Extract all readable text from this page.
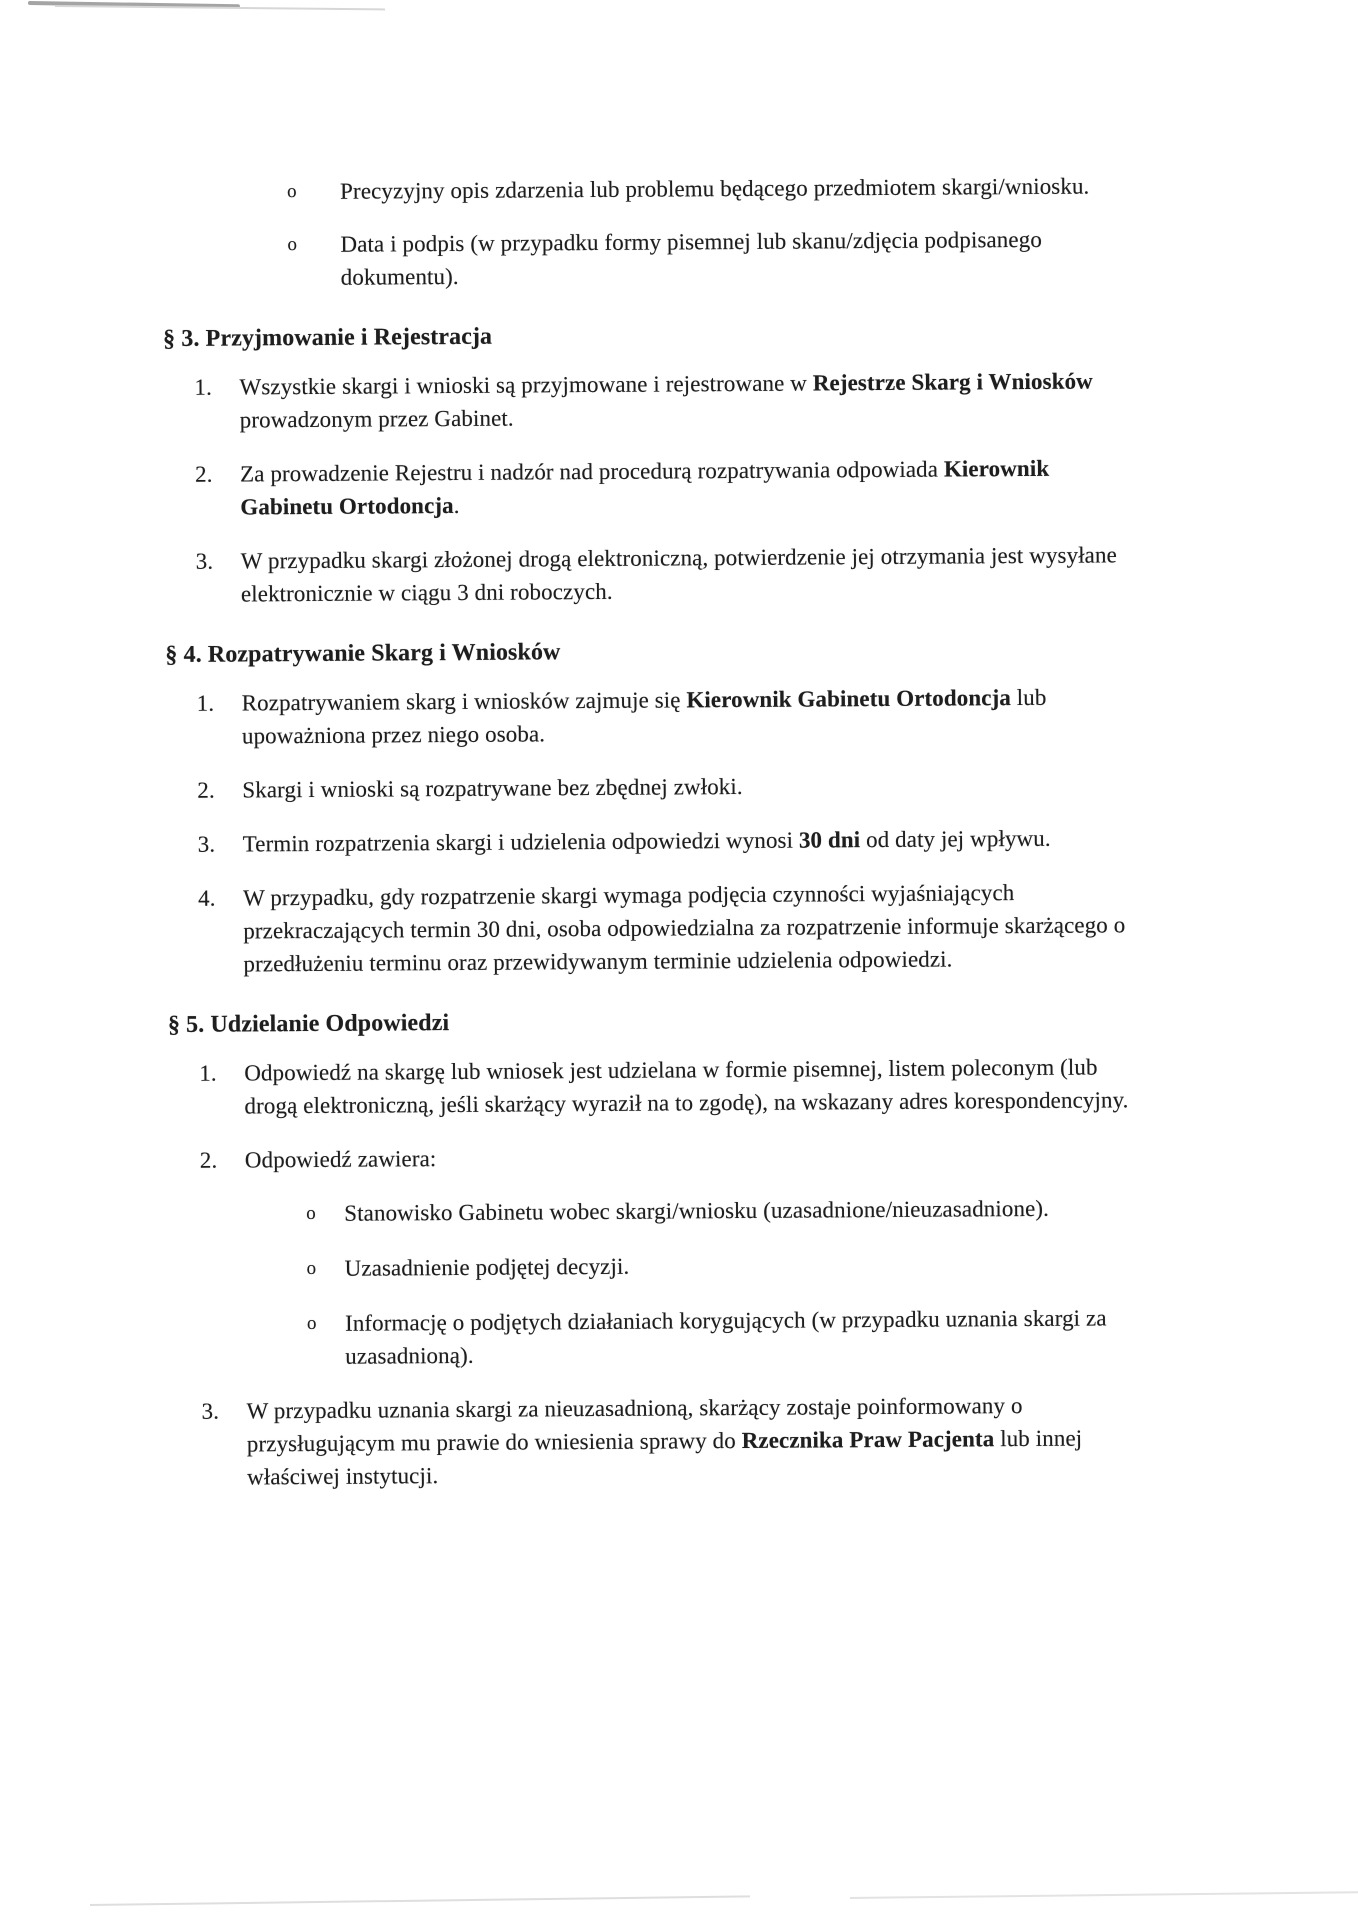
o	Precyzyjny opis zdarzenia lub problemu będącego przedmiotem skargi/wniosku.
o	Data i podpis (w przypadku formy pisemnej lub skanu/zdjęcia podpisanego dokumentu).
§ 3. Przyjmowanie i Rejestracja
1.	Wszystkie skargi i wnioski są przyjmowane i rejestrowane w Rejestrze Skarg i Wniosków prowadzonym przez Gabinet.
2.	Za prowadzenie Rejestru i nadzór nad procedurą rozpatrywania odpowiada Kierownik Gabinetu Ortodoncja.
3.	W przypadku skargi złożonej drogą elektroniczną, potwierdzenie jej otrzymania jest wysyłane elektronicznie w ciągu 3 dni roboczych.
§ 4. Rozpatrywanie Skarg i Wniosków
1.	Rozpatrywaniem skarg i wniosków zajmuje się Kierownik Gabinetu Ortodoncja lub upoważniona przez niego osoba.
2.	Skargi i wnioski są rozpatrywane bez zbędnej zwłoki.
3.	Termin rozpatrzenia skargi i udzielenia odpowiedzi wynosi 30 dni od daty jej wpływu.
4.	W przypadku, gdy rozpatrzenie skargi wymaga podjęcia czynności wyjaśniających przekraczających termin 30 dni, osoba odpowiedzialna za rozpatrzenie informuje skarżącego o przedłużeniu terminu oraz przewidywanym terminie udzielenia odpowiedzi.
§ 5. Udzielanie Odpowiedzi
1.	Odpowiedź na skargę lub wniosek jest udzielana w formie pisemnej, listem poleconym (lub drogą elektroniczną, jeśli skarżący wyraził na to zgodę), na wskazany adres korespondencyjny.
2.	Odpowiedź zawiera:
o	Stanowisko Gabinetu wobec skargi/wniosku (uzasadnione/nieuzasadnione).
o	Uzasadnienie podjętej decyzji.
o	Informację o podjętych działaniach korygujących (w przypadku uznania skargi za uzasadnioną).
3.	W przypadku uznania skargi za nieuzasadnioną, skarżący zostaje poinformowany o przysługującym mu prawie do wniesienia sprawy do Rzecznika Praw Pacjenta lub innej właściwej instytucji.
